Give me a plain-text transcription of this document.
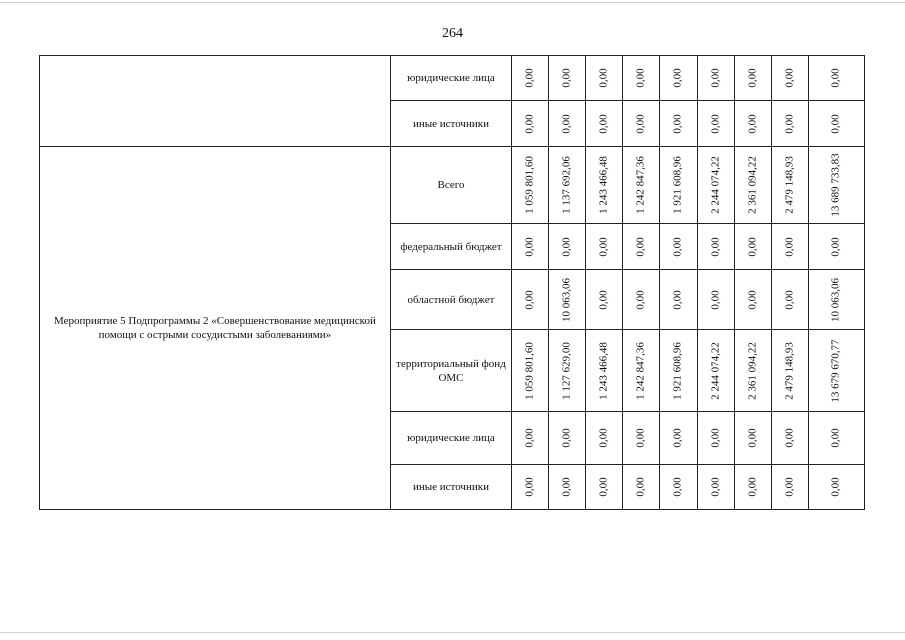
264
	юридические лица	0,00	0,00	0,00	0,00	0,00	0,00	0,00	0,00	0,00

	иные источники	0,00	0,00	0,00	0,00	0,00	0,00	0,00	0,00	0,00

Мероприятие 5 Подпрограммы 2 «Совершенствование медицинской помощи с острыми сосудистыми заболеваниями»	Всего	1 059 801,60	1 137 692,06	1 243 466,48	1 242 847,36	1 921 608,96	2 244 074,22	2 361 094,22	2 479 148,93	13 689 733,83

	федеральный бюджет	0,00	0,00	0,00	0,00	0,00	0,00	0,00	0,00	0,00

	областной бюджет	0,00	10 063,06	0,00	0,00	0,00	0,00	0,00	0,00	10 063,06

	территориальный фонд ОМС	1 059 801,60	1 127 629,00	1 243 466,48	1 242 847,36	1 921 608,96	2 244 074,22	2 361 094,22	2 479 148,93	13 679 670,77

	юридические лица	0,00	0,00	0,00	0,00	0,00	0,00	0,00	0,00	0,00

	иные источники	0,00	0,00	0,00	0,00	0,00	0,00	0,00	0,00	0,00
